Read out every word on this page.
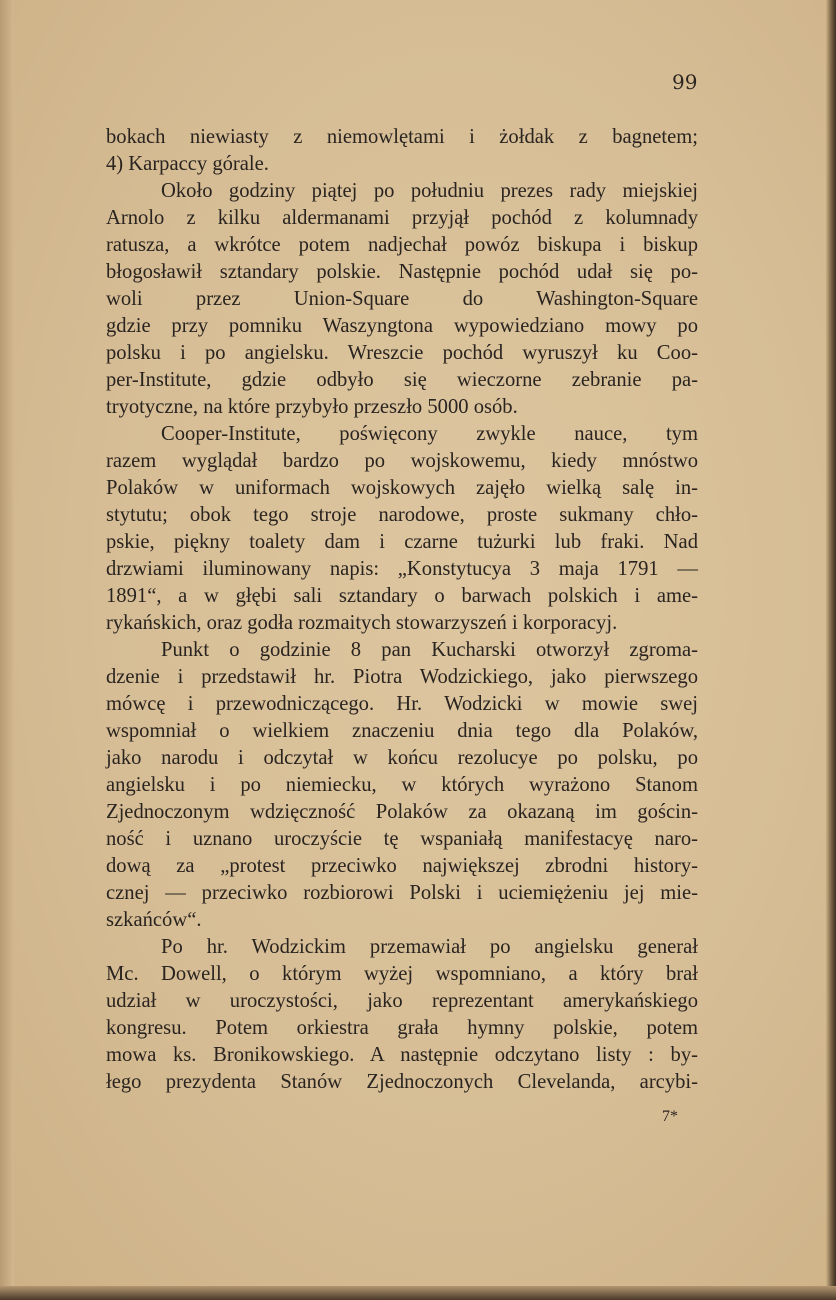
99
bokach niewiasty z niemowlętami i żołdak z bagnetem;
4) Karpaccy górale.
Około godziny piątej po południu prezes rady miejskiej
Arnolo z kilku aldermanami przyjął pochód z kolumnady
ratusza, a wkrótce potem nadjechał powóz biskupa i biskup
błogosławił sztandary polskie. Następnie pochód udał się po-
woli przez Union-Square do Washington-Square
gdzie przy pomniku Waszyngtona wypowiedziano mowy po
polsku i po angielsku. Wreszcie pochód wyruszył ku Coo-
per-Institute, gdzie odbyło się wieczorne zebranie pa-
tryotyczne, na które przybyło przeszło 5000 osób.
Cooper-Institute, poświęcony zwykle nauce, tym
razem wyglądał bardzo po wojskowemu, kiedy mnóstwo
Polaków w uniformach wojskowych zajęło wielką salę in-
stytutu; obok tego stroje narodowe, proste sukmany chło-
pskie, piękny toalety dam i czarne tużurki lub fraki. Nad
drzwiami iluminowany napis: „Konstytucya 3 maja 1791 —
1891“, a w głębi sali sztandary o barwach polskich i ame-
rykańskich, oraz godła rozmaitych stowarzyszeń i korporacyj.
Punkt o godzinie 8 pan Kucharski otworzył zgroma-
dzenie i przedstawił hr. Piotra Wodzickiego, jako pierwszego
mówcę i przewodniczącego. Hr. Wodzicki w mowie swej
wspomniał o wielkiem znaczeniu dnia tego dla Polaków,
jako narodu i odczytał w końcu rezolucye po polsku, po
angielsku i po niemiecku, w których wyrażono Stanom
Zjednoczonym wdzięczność Polaków za okazaną im gościn-
ność i uznano uroczyście tę wspaniałą manifestacyę naro-
dową za „protest przeciwko największej zbrodni history-
cznej — przeciwko rozbiorowi Polski i uciemiężeniu jej mie-
szkańców“.
Po hr. Wodzickim przemawiał po angielsku generał
Mc. Dowell, o którym wyżej wspomniano, a który brał
udział w uroczystości, jako reprezentant amerykańskiego
kongresu. Potem orkiestra grała hymny polskie, potem
mowa ks. Bronikowskiego. A następnie odczytano listy : by-
łego prezydenta Stanów Zjednoczonych Clevelanda, arcybi-
7*
